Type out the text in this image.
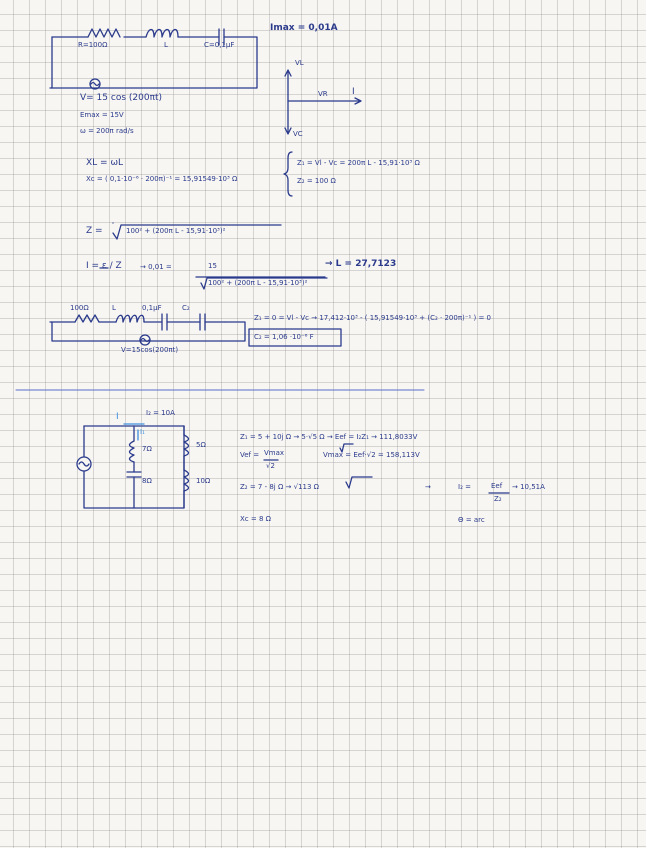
Imax = 0,01A
R=100Ω	L	C=0,1μF
V= 15 cos (200πt)
Emax = 15V
ω = 200π rad/s
VL
VR	I
VC
XL = ωL
Xc = ( 0,1·10⁻⁶ · 200π)⁻¹ = 15,91549·10³ Ω
Z₁ = Vl - Vc = 200π L - 15,91·10³ Ω
Z₂ = 100 Ω
Z =	100² + (200π L - 15,91·10³)²
I = ε / Z	→ 0,01 =	15
100² + (200π L - 15,91·10³)²
→ L = 27,7123
100Ω	L	0,1μF	C₂
V=15cos(200πt)
Z₁ = 0 = Vl - Vc → 17,412·10³ - ( 15,91549·10³ + (C₂ · 200π)⁻¹ ) = 0
C₂ = 1,06 ·10⁻⁶ F
I	I₂ = 10A
I₁
7Ω	5Ω
8Ω	10Ω
Z₁ = 5 + 10j Ω → 5·√5 Ω → Eef = I₂Z₁ → 111,8033V
Vef = Vmax
√2
Vmax = Eef·√2 = 158,113V
Z₂ = 7 - 8j Ω → √113 Ω	→	I₂ =	Eef
Z₂
→ 10,51A
Xc = 8 Ω	Θ = arc
